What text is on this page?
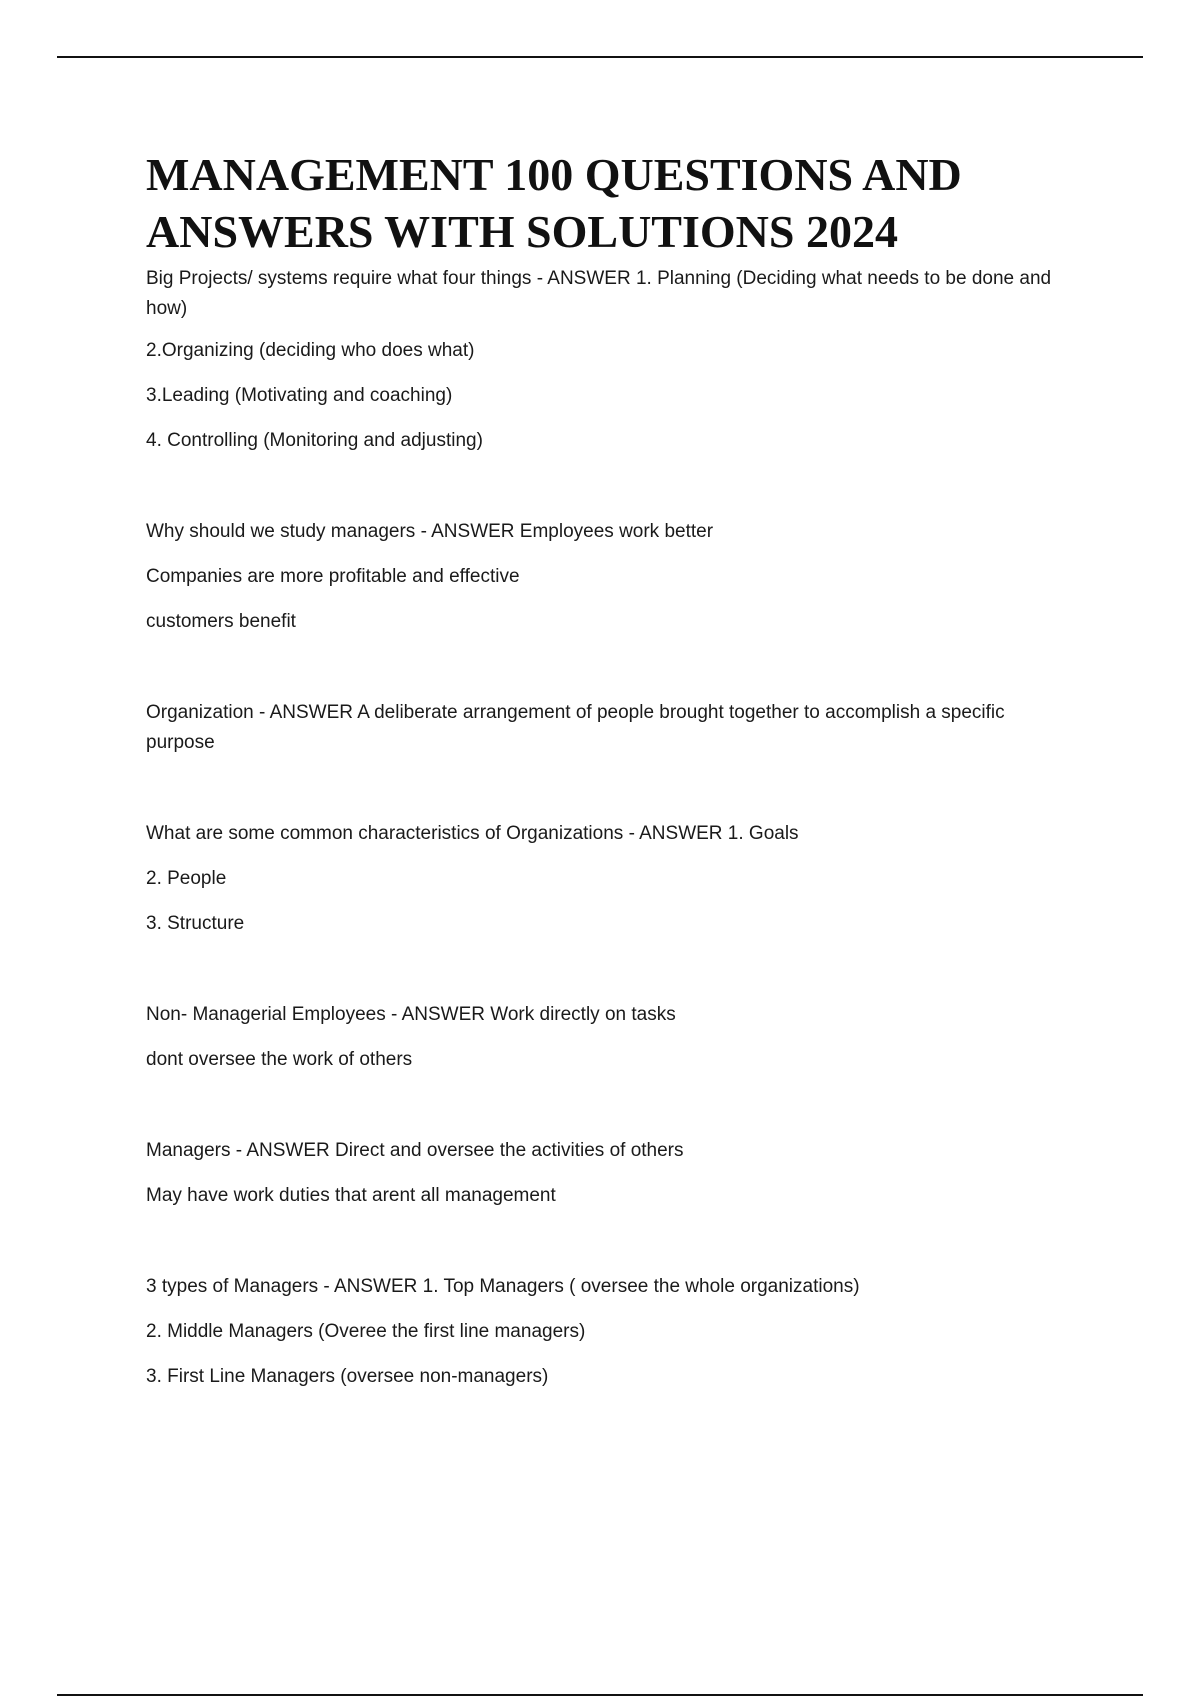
MANAGEMENT 100 QUESTIONS AND ANSWERS WITH SOLUTIONS 2024

Big Projects/ systems require what four things - ANSWER 1. Planning (Deciding what needs to be done and how)

2.Organizing (deciding who does what)

3.Leading (Motivating and coaching)

4. Controlling (Monitoring and adjusting)

Why should we study managers - ANSWER Employees work better

Companies are more profitable and effective

customers benefit

Organization - ANSWER A deliberate arrangement of people brought together to accomplish a specific purpose

What are some common characteristics of Organizations - ANSWER 1. Goals

2. People

3. Structure

Non- Managerial Employees - ANSWER Work directly on tasks

dont oversee the work of others

Managers - ANSWER Direct and oversee the activities of others

May have work duties that arent all management

3 types of Managers - ANSWER 1. Top Managers ( oversee the whole organizations)

2. Middle Managers (Overee the first line managers)

3. First Line Managers (oversee non-managers)
